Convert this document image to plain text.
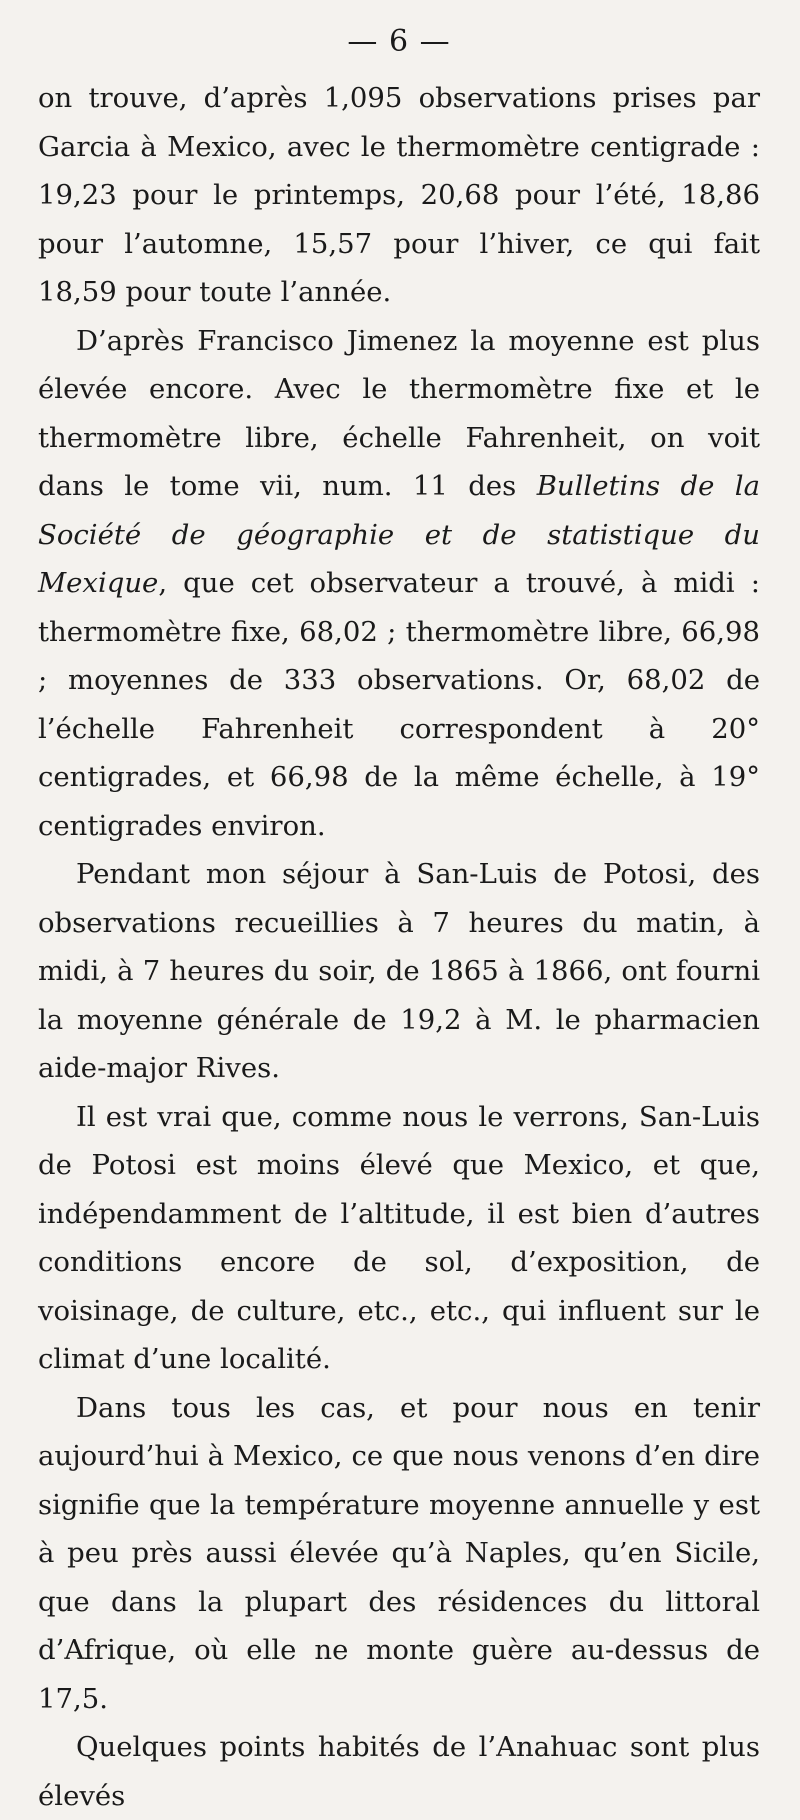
— 6 —

on trouve, d’après 1,095 observations prises par Garcia à Mexico, avec le thermomètre centigrade : 19,23 pour le printemps, 20,68 pour l’été, 18,86 pour l’automne, 15,57 pour l’hiver, ce qui fait 18,59 pour toute l’année.

D’après Francisco Jimenez la moyenne est plus élevée encore. Avec le thermomètre fixe et le thermomètre libre, échelle Fahrenheit, on voit dans le tome vii, num. 11 des Bulletins de la Société de géographie et de statistique du Mexique, que cet observateur a trouvé, à midi : thermomètre fixe, 68,02 ; thermomètre libre, 66,98 ; moyennes de 333 observations. Or, 68,02 de l’échelle Fahrenheit correspondent à 20° centigrades, et 66,98 de la même échelle, à 19° centigrades environ.

Pendant mon séjour à San-Luis de Potosi, des observations recueillies à 7 heures du matin, à midi, à 7 heures du soir, de 1865 à 1866, ont fourni la moyenne générale de 19,2 à M. le pharmacien aide-major Rives.

Il est vrai que, comme nous le verrons, San-Luis de Potosi est moins élevé que Mexico, et que, indépendamment de l’altitude, il est bien d’autres conditions encore de sol, d’exposition, de voisinage, de culture, etc., etc., qui influent sur le climat d’une localité.

Dans tous les cas, et pour nous en tenir aujourd’hui à Mexico, ce que nous venons d’en dire signifie que la température moyenne annuelle y est à peu près aussi élevée qu’à Naples, qu’en Sicile, que dans la plupart des résidences du littoral d’Afrique, où elle ne monte guère au-dessus de 17,5.

Quelques points habités de l’Anahuac sont plus élevés
